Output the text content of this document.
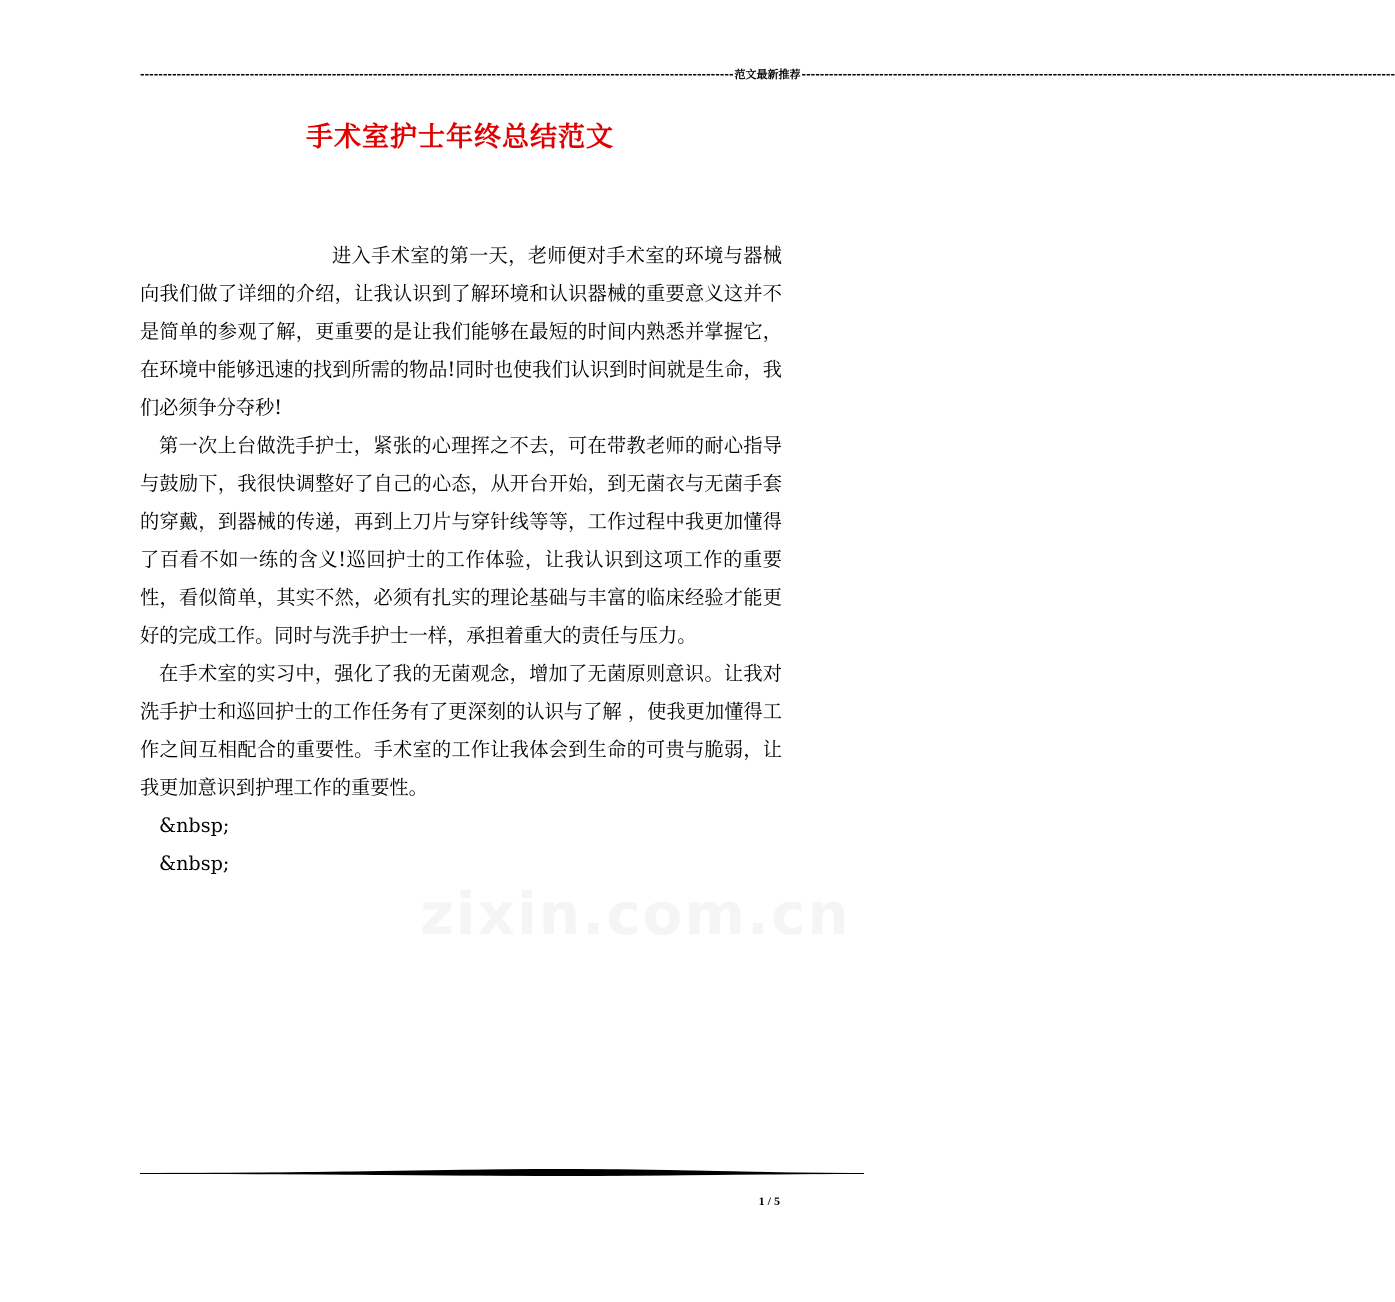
---------------------------------------------------------------------------------------------------------------------------------- 范文最新推荐 ----------------------------------------------------------------------------------------------------------------------------------
手术室护士年终总结范文
zixin.com.cn

进入手术室的第一天，老师便对手术室的环境与器械向我们做了详细的介绍，让我认识到了解环境和认识器械的重要意义这并不是简单的参观了解，更重要的是让我们能够在最短的时间内熟悉并掌握它，在环境中能够迅速的找到所需的物品!同时也使我们认识到时间就是生命，我们必须争分夺秒!

第一次上台做洗手护士，紧张的心理挥之不去，可在带教老师的耐心指导与鼓励下，我很快调整好了自己的心态，从开台开始，到无菌衣与无菌手套的穿戴，到器械的传递，再到上刀片与穿针线等等，工作过程中我更加懂得了百看不如一练的含义!巡回护士的工作体验，让我认识到这项工作的重要性，看似简单，其实不然，必须有扎实的理论基础与丰富的临床经验才能更好的完成工作。同时与洗手护士一样，承担着重大的责任与压力。

在手术室的实习中，强化了我的无菌观念，增加了无菌原则意识。让我对洗手护士和巡回护士的工作任务有了更深刻的认识与了解 ，使我更加懂得工作之间互相配合的重要性。手术室的工作让我体会到生命的可贵与脆弱，让我更加意识到护理工作的重要性。

&nbsp;

&nbsp;

1 / 5
